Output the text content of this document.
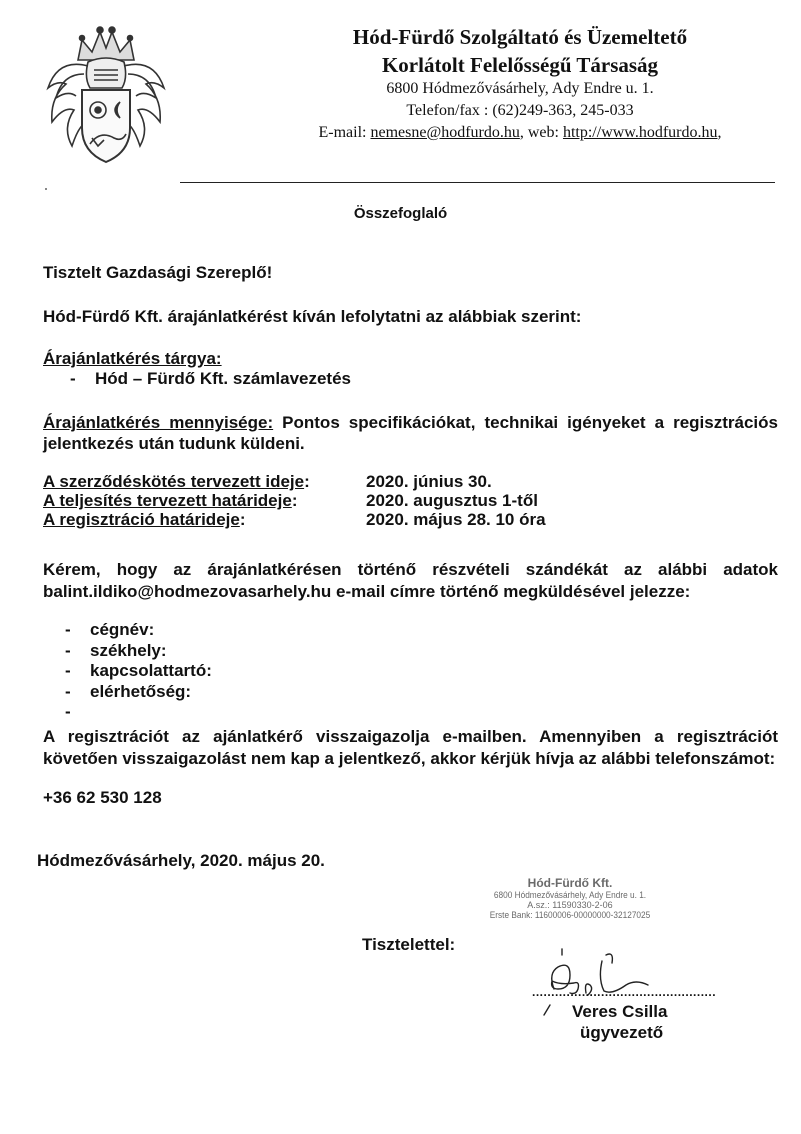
Hód-Fürdő Szolgáltató és Üzemeltető
Korlátolt Felelősségű Társaság
6800 Hódmezővásárhely, Ady Endre u. 1.
Telefon/fax : (62)249-363, 245-033
E-mail: nemesne@hodfurdo.hu, web: http://www.hodfurdo.hu,
Összefoglaló
Tisztelt Gazdasági Szereplő!
Hód-Fürdő Kft. árajánlatkérést kíván lefolytatni az alábbiak szerint:
Árajánlatkérés tárgya:
- Hód – Fürdő Kft. számlavezetés
Árajánlatkérés mennyisége: Pontos specifikációkat, technikai igényeket a regisztrációs jelentkezés után tudunk küldeni.
A szerződéskötés tervezett ideje:	2020. június 30.
A teljesítés tervezett határideje:	2020. augusztus 1-től
A regisztráció határideje:	2020. május 28. 10 óra
Kérem, hogy az árajánlatkérésen történő részvételi szándékát az alábbi adatok balint.ildiko@hodmezovasarhely.hu e-mail címre történő megküldésével jelezze:
- cégnév:
- székhely:
- kapcsolattartó:
- elérhetőség:
-
A regisztrációt az ajánlatkérő visszaigazolja e-mailben. Amennyiben a regisztrációt követően visszaigazolást nem kap a jelentkező, akkor kérjük hívja az alábbi telefonszámot:
+36 62 530 128
Hódmezővásárhely, 2020. május 20.
Hód-Fürdő Kft.
6800 Hódmezővásárhely, Ady Endre u. 1.
A.sz.: 11590330-2-06
Erste Bank: 11600006-00000000-32127025
Tisztelettel:
................................................
Veres Csilla
ügyvezető
